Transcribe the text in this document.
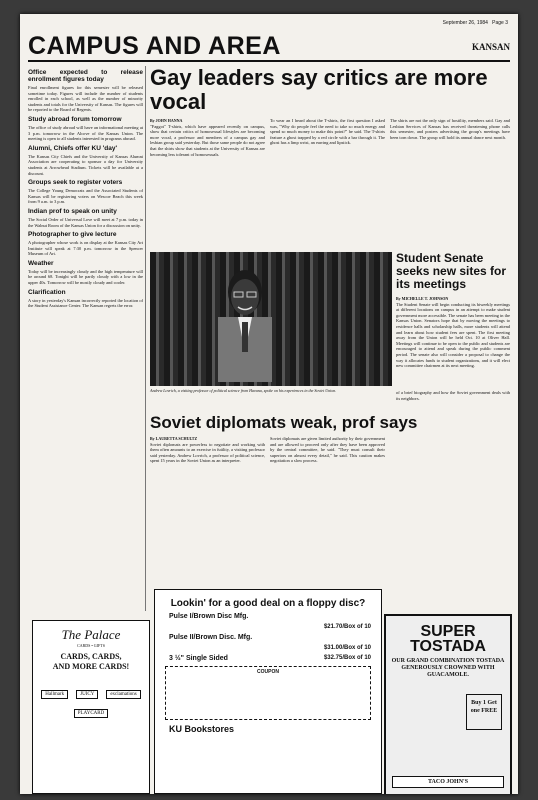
September 26, 1984 Page 3
CAMPUS AND AREA	KANSAN
Office expected to release enrollment figures today

Final enrollment figures for this semester will be released sometime today. Figures will include the number of students enrolled in each school, as well as the number of minority students and totals for the University of Kansas. The figures will be reported to the Board of Regents.

Study abroad forum tomorrow

The office of study abroad will have an informational meeting at 3 p.m. tomorrow in the Alcove of the Kansas Union. The meeting is open to all students interested in programs abroad.

Alumni, Chiefs offer KU 'day'

The Kansas City Chiefs and the University of Kansas Alumni Association are cooperating to sponsor a day for University students at Arrowhead Stadium. Tickets will be available at a discount.

Groups seek to register voters

The College Young Democrats and the Associated Students of Kansas will be registering voters on Wescoe Beach this week from 9 a.m. to 3 p.m.

Indian prof to speak on unity

The Social Order of Universal Love will meet at 7 p.m. today in the Walnut Room of the Kansas Union for a discussion on unity.

Photographer to give lecture

A photographer whose work is on display at the Kansas City Art Institute will speak at 7:30 p.m. tomorrow in the Spencer Museum of Art.

Weather

Today will be increasingly cloudy and the high temperature will be around 68. Tonight will be partly cloudy with a low in the upper 40s. Tomorrow will be mostly cloudy and cooler.

Clarification

A story in yesterday's Kansan incorrectly reported the location of the Student Assistance Center. The Kansan regrets the error.

Gay leaders say critics are more vocal
By JOHN HANNA
"Faggot" T-shirts, which have appeared recently on campus, show that certain critics of homosexual lifestyles are becoming more vocal, a professor and members of a campus gay and lesbian group said yesterday. But those same people do not agree that the shirts show that students at the University of Kansas are becoming less tolerant of homosexuals.
To wear an I heard about the T-shirts, the first question I asked was, "Why do people feel the need to take so much energy and spend so much money to make this point?" he said. The T-shirts feature a ghost trapped by a red circle with a bar through it. The ghost has a limp wrist, an earring and lipstick.
The shirts are not the only sign of hostility, members said. Gay and Lesbian Services of Kansas has received threatening phone calls this semester, and posters advertising the group's meetings have been torn down. The group will hold its annual dance next month.
Andrew Lovrich, a visiting professor of political science from Havana, spoke on his experiences in the Soviet Union.	of a brief biography and how the Soviet government deals with its neighbors.
Student Senate seeks new sites for its meetings
By MICHELLE T. JOHNSON
The Student Senate will begin conducting its biweekly meetings at different locations on campus in an attempt to make student government more accessible. The senate has been meeting in the Kansas Union. Senators hope that by moving the meetings to residence halls and scholarship halls, more students will attend and learn about how student fees are spent. The first meeting away from the Union will be held Oct. 10 at Oliver Hall. Meetings will continue to be open to the public and students are encouraged to attend and speak during the public comment period. The senate also will consider a proposal to change the way it allocates funds to student organizations, and it will elect new committee chairmen at its next meeting.
Soviet diplomats weak, prof says
By LAURETTA SCHULTZ
Soviet diplomats are powerless to negotiate and working with them often amounts to an exercise in futility, a visiting professor said yesterday. Andrew Lovrich, a professor of political science, spent 15 years in the Soviet Union as an interpreter.
Soviet diplomats are given limited authority by their government and are allowed to proceed only after they have been approved by the central committee, he said. "They must consult their superiors on almost every detail," he said. This caution makes negotiation a slow process.
The Palace
CARDS • GIFTS
CARDS, CARDS,
AND MORE CARDS!
Hallmark	JUICY	exclamations PLAYCARD
Lookin' for a good deal on a floppy disc?
Pulse I/Brown Disc Mfg.
$21.70/Box of 10
Pulse II/Brown Disc. Mfg.
$31.00/Box of 10
3 ½" Single Sided	$32.75/Box of 10
COUPON
KU Bookstores
SUPER TOSTADA
OUR GRAND COMBINATION TOSTADA GENEROUSLY CROWNED WITH GUACAMOLE.
Buy 1 Get one FREE
TACO JOHN'S
